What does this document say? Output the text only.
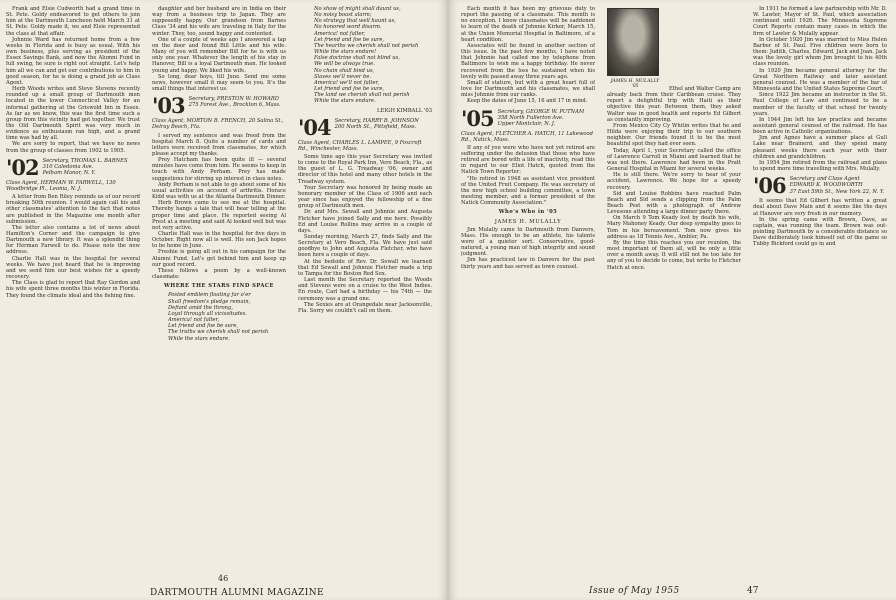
Frank and Elsie Cudworth had a grand time in St. Pete. Goldy endeavored to get others to join him at the Dartmouth Luncheon held March 31 at St. Pete. Goldy made it, we and Elsie represented the class at that affair.

Johnnie Ward has returned home from a few weeks in Florida and is busy as usual. With his own business, plus serving as president of the Essex Savings Bank, and now the Alumni Fund in full swing, he sure is right out straight. Let's help him all we can and get our contributions to him in good season, for he is doing a grand job as Class Agent.

Herb Woods writes and Steve Stevens recently rounded up a small group of Dartmouth men located in the lower Connecticut Valley for an informal gathering at the Griswold Inn in Essex. As far as we know, this was the first time such a group from this vicinity had got together. We trust the Old Dartmouth Spirit was very much in evidence as enthusiasm ran high, and a grand time was had by all.

We are sorry to report, that we have no news from the group of classes from 1902 to 1905.

'02 Secretary, THOMAS L. BARNES
310 Caledonia Ave.
Pelham Manor, N. Y.

Class Agent, HERMAN W. FARWELL, 130 Woodbridge Pl., Leonia, N. J.

A letter from Ben Riley reminds us of our record breaking 50th reunion. I would again call his and other classmates' attention to the fact that notes are published in the Magazine one month after submission.

The letter also contains a lot of news about Hamilton's Corner and the campaign to give Dartmouth a new library. It was a splendid thing for Herman Farwell to do. Please note the new address.

Charlie Hall was in the hospital for several weeks. We have just heard that he is improving and we send him our best wishes for a speedy recovery.

The Class is glad to report that Ray Gordon and his wife spent three months this winter in Florida. They found the climate ideal and the fishing fine.

daughter and her husband are in India on their way from a business trip to Japan. They are supposedly happy. Our grandson from Barnes Class '34 and his wife are traveling in Italy for the winter. They, too, sound happy and contented.

One of a couple of weeks ago I answered a tap on the door and found Bill Little and his wife. Many of you will remember Bill for he is with us only one year. Whatever the length of his stay in Hanover, Bill is a loyal Dartmouth man. He looked young and happy. We liked his wife.

So long, dear boys, till June. Send me some news, however small it may seem to you. It's the small things that interest us.

'03 Secretary, PRESTON W. HOWARD
275 Forest Ave., Brockton 6, Mass.

Class Agent, MORTON B. FRENCH, 20 Salina St., Delray Beach, Fla.

I served my sentence and was freed from the hospital March 8. Quite a number of cards and letters were received from classmates, for which please accept my thanks.

Prey Hatcham has been quite ill — several minutes have come from him. He seems to keep in touch with Andy Perham. Prey has made suggestions for stirring up interest in class notes.

Andy Perham is not able to go about some of his usual activities on account of arthritis. Horace Kidd was with us at the Atlanta Dartmouth Dinner.

Herb Brown came to see me at the hospital. Thereby hangs a tale that will bear telling at the proper time and place. He reported seeing Al Prest at a meeting and said Al looked well but was not very active.

Charlie Hall was in the hospital for five days in October. Right now all is well. His son Jack hopes to be home in June.

Freshie is going all out in his campaign for the Alumni Fund. Let's get behind him and keep up our good record.

These follows a poem by a well-known classmate:

WHERE THE STARS FIND SPACE

Posted emblem floating far o'er
Shall freedom's pledge remain,
Defiant amid the throng,
Loyal through all vicissitudes.
America! not falter,
Let friend and foe be sure,
The truths we cherish shall not perish
While the stars endure.
No show of might shall daunt us,
No noisy boast alarm;
No strategy that well haunt us,
No honored word disarm.
America! not falter,
Let friend and foe be sure,
The hearths we cherish shall not perish
While the stars endure!
False doctrine shall not blind us,
We will be always true.
No chain shall bind us,
Slaves we'll never be.
America! we'll not falter,
Let friend and foe be sure,
The land we cherish shall not perish
While the stars endure.

LEIGH KIMBALL '03

'04 Secretary, HARRY B. JOHNSON
200 North St., Pittsfield, Mass.

Class Agent, CHARLES L. LAMPEE, 9 Foxcroft Rd., Winchester, Mass.

Some time ago this year Secretary was invited to come to the Royal Park Inn, Vero Beach, Fla., as the guest of L. G. Treadway '06, owner and director of this hotel and many other hotels in the Treadway system.

Your Secretary was honored by being made an honorary member of the Class of 1906 and each year since has enjoyed the fellowship of a fine group of Dartmouth men.

Dr. and Mrs. Sewall and Johnnie and Augusta Fletcher have joined Sally and me here. Possibly Ed and Louise Rollins may arrive in a couple of days.

Sunday morning, March 27, finds Sally and the Secretary at Vero Beach, Fla. We have just said goodbye to John and Augusta Fletcher, who have been here a couple of days.

At the bedside of Rev. Dr. Sewall we learned that Ed Sewall and Johnnie Fletcher made a trip to Tampa for the Boston Red Sox.

Last month the Secretary reported the Woods and Stevens were on a cruise to the West Indies. En route, Carl had a birthday — his 74th — the ceremony was a grand one.

The Sexies are at Orangedale near Jacksonville, Fla. Sorry we couldn't call on them.

46
DARTMOUTH ALUMNI MAGAZINE

Each month it has been my grievous duty to report the passing of a classmate. This month is no exception. I know classmates will be saddened to learn of the death of Johnnie Kirker, March 15, at the Union Memorial Hospital in Baltimore, of a heart condition.

Associates will be found in another section of this issue. In the past few months, I have noted that Johnnie had called me by telephone from Baltimore to wish me a happy birthday. He never recovered from the loss he sustained when his lovely wife passed away three years ago.

Small of stature, but with a great heart full of love for Dartmouth and his classmates, we shall miss Johnnie from our ranks.

Keep the dates of June 15, 16 and 17 in mind.

'05 Secretary, GEORGE W. PUTNAM
358 North Fullerton Ave.
Upper Montclair, N. J.

Class Agent, FLETCHER A. HATCH, 11 Lakewood Rd., Natick, Mass.

If any of you were who have not yet retired are suffering under the delusion that those who have retired are bored with a life of inactivity, read this in regard to our Eliot Hatch, quoted from the Natick Town Reporter:

"He retired in 1948 as assistant vice president of the United Fruit Company. He was secretary of the new high school building committee, a town meeting member, and a former president of the Natick Community Association."

Who's Who in '05

JAMES H. MULALLY

Jim Mulally came to Dartmouth from Danvers, Mass. His enough to be an athlete, his talents were of a quieter sort. Conservative, good-natured, a young man of high integrity and sound judgment.

Jim has practiced law in Danvers for the past thirty years and has served as town counsel.

JAMES H. MULALLY '05	Ethel and Walter Camp are already back from their Caribbean cruise. They report a delightful trip with Haiti as their objective this year. Between them, they asked Walter was in good health and reports Ed Gilbert as constantly improving.

From Mexico City Cy Whitin writes that he and Hilda were enjoying their trip to our southern neighbor. Our friends found it to be the most beautiful spot they had ever seen.

Today, April 1, your Secretary called the office of Lawrence Carroll in Miami and learned that he was not there. Lawrence had been in the Pratt General Hospital in Miami for several weeks.

He is still there. We're sorry to hear of your accident, Lawrence. We hope for a speedy recovery.

Sid and Louise Robbins have reached Palm Beach and Sid sends a clipping from the Palm Beach Post with a photograph of Andrew Levesone attending a large dinner party there.

On March 9 Tom Keady lost by death his wife, Mary Mahoney Keady. Our deep sympathy goes to Tom in his bereavement. Tom now gives his address as 18 Tennis Ave., Ambler, Pa.

By the time this reaches you our reunion, the most important of them all, will be only a little over a month away. It will still not be too late for any of you to decide to come, but write to Fletcher Hatch at once.

In 1911 he formed a law partnership with Mr. D. W. Lawler, Mayor of St. Paul, which association continued until 1926. The Minnesota Supreme Court Reports contain many cases in which the firm of Lawler & Mulally appear.

In October 1920 Jim was married to Miss Helen Barber of St. Paul. Five children were born to them: Judith, Charles, Edward, Jack and Joan. Jack was the lovely girl whom Jim brought to his 40th class reunion.

In 1920 Jim became general attorney for the Great Northern Railway and later assistant general counsel. He was a member of the bar of Minnesota and the United States Supreme Court.

Since 1922 Jim became an instructor in the St. Paul College of Law and continued to be a member of the faculty of that school for twenty years.

In 1944 Jim left his law practice and became assistant general counsel of the railroad. He has been active in Catholic organizations.

Jim and Agnes have a summer place at Gull Lake near Brainerd, and they spend many pleasant weeks there each year with their children and grandchildren.

In 1954 Jim retired from the railroad and plans to spend more time travelling with Mrs. Mulally.

'06 Secretary and Class Agent
EDWARD K. WOODWORTH
37 East 59th St., New York 22, N. Y.

It seems that Ed Gilbert has written a great deal about Dave Main and it seems like the days at Hanover are very fresh in our memory.

In the spring came with Brown, Dave, as captain, was running the team. Brown was out-pointing Dartmouth by a considerable distance so Dave deliberately took himself out of the game so Tubby Bickford could go in and

Issue of May 1955	47
